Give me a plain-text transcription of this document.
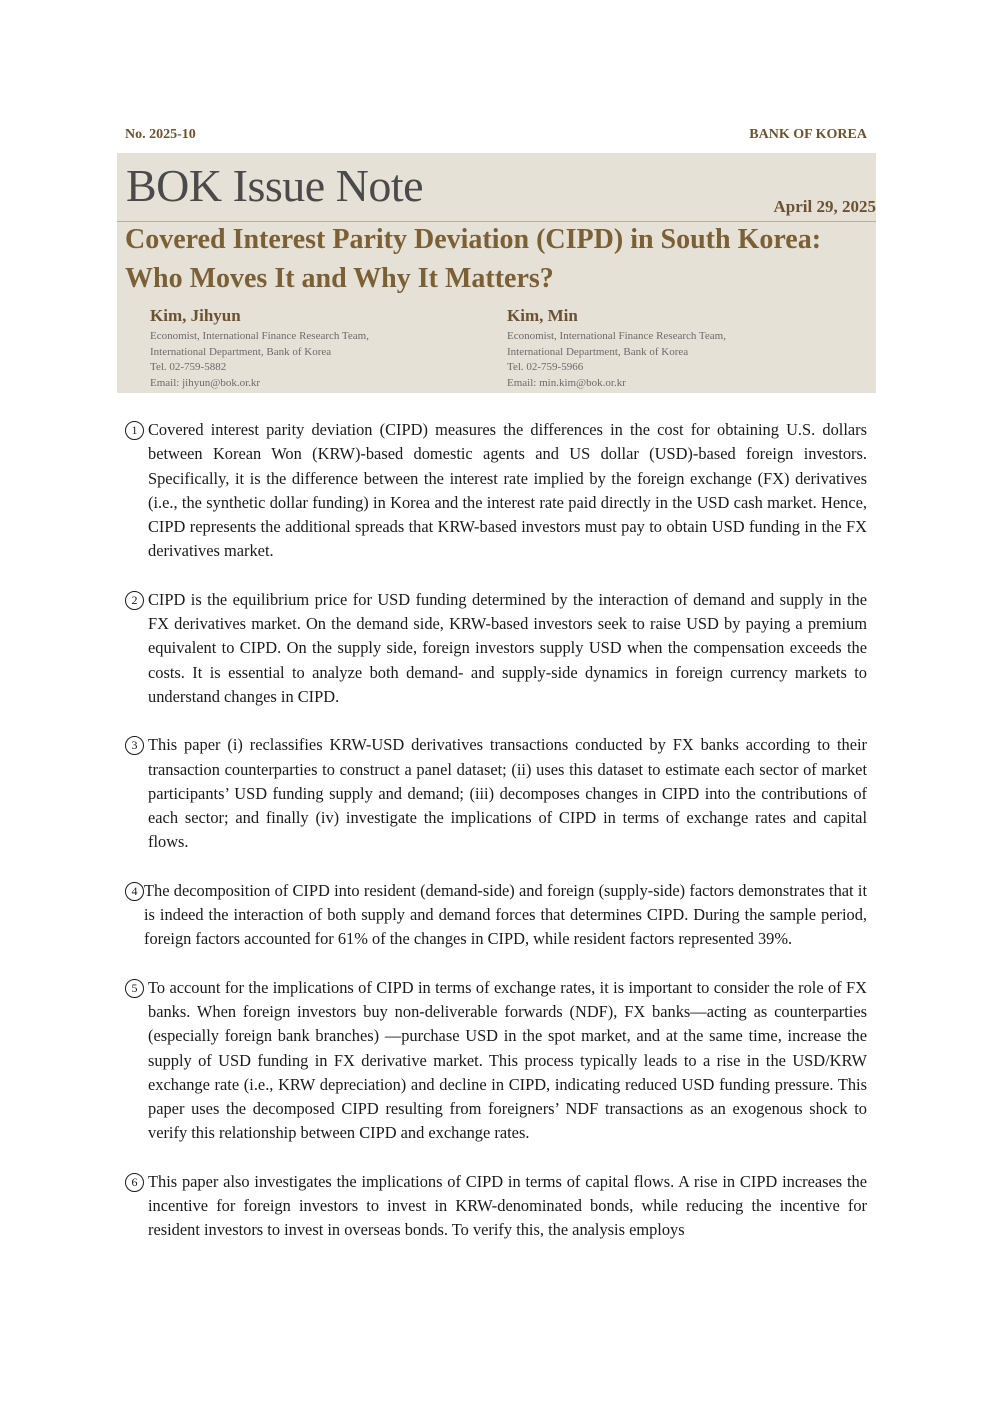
No. 2025-10	BANK OF KOREA
BOK Issue Note	April 29, 2025
Covered Interest Parity Deviation (CIPD) in South Korea:
Who Moves It and Why It Matters?
Kim, Jihyun
Economist, International Finance Research Team,
International Department, Bank of Korea
Tel. 02-759-5882
Email: jihyun@bok.or.kr
Kim, Min
Economist, International Finance Research Team,
International Department, Bank of Korea
Tel. 02-759-5966
Email: min.kim@bok.or.kr
1 Covered interest parity deviation (CIPD) measures the differences in the cost for obtaining U.S. dollars between Korean Won (KRW)-based domestic agents and US dollar (USD)-based foreign investors. Specifically, it is the difference between the interest rate implied by the foreign exchange (FX) derivatives (i.e., the synthetic dollar funding) in Korea and the interest rate paid directly in the USD cash market. Hence, CIPD represents the additional spreads that KRW-based investors must pay to obtain USD funding in the FX derivatives market.
2 CIPD is the equilibrium price for USD funding determined by the interaction of demand and supply in the FX derivatives market. On the demand side, KRW-based investors seek to raise USD by paying a premium equivalent to CIPD. On the supply side, foreign investors supply USD when the compensation exceeds the costs. It is essential to analyze both demand- and supply-side dynamics in foreign currency markets to understand changes in CIPD.
3 This paper (i) reclassifies KRW-USD derivatives transactions conducted by FX banks according to their transaction counterparties to construct a panel dataset; (ii) uses this dataset to estimate each sector of market participants’ USD funding supply and demand; (iii) decomposes changes in CIPD into the contributions of each sector; and finally (iv) investigate the implications of CIPD in terms of exchange rates and capital flows.
4 The decomposition of CIPD into resident (demand-side) and foreign (supply-side) factors demonstrates that it is indeed the interaction of both supply and demand forces that determines CIPD. During the sample period, foreign factors accounted for 61% of the changes in CIPD, while resident factors represented 39%.
5 To account for the implications of CIPD in terms of exchange rates, it is important to consider the role of FX banks. When foreign investors buy non-deliverable forwards (NDF), FX banks—acting as counterparties (especially foreign bank branches) —purchase USD in the spot market, and at the same time, increase the supply of USD funding in FX derivative market. This process typically leads to a rise in the USD/KRW exchange rate (i.e., KRW depreciation) and decline in CIPD, indicating reduced USD funding pressure. This paper uses the decomposed CIPD resulting from foreigners’ NDF transactions as an exogenous shock to verify this relationship between CIPD and exchange rates.
6 This paper also investigates the implications of CIPD in terms of capital flows. A rise in CIPD increases the incentive for foreign investors to invest in KRW-denominated bonds, while reducing the incentive for resident investors to invest in overseas bonds. To verify this, the analysis employs
